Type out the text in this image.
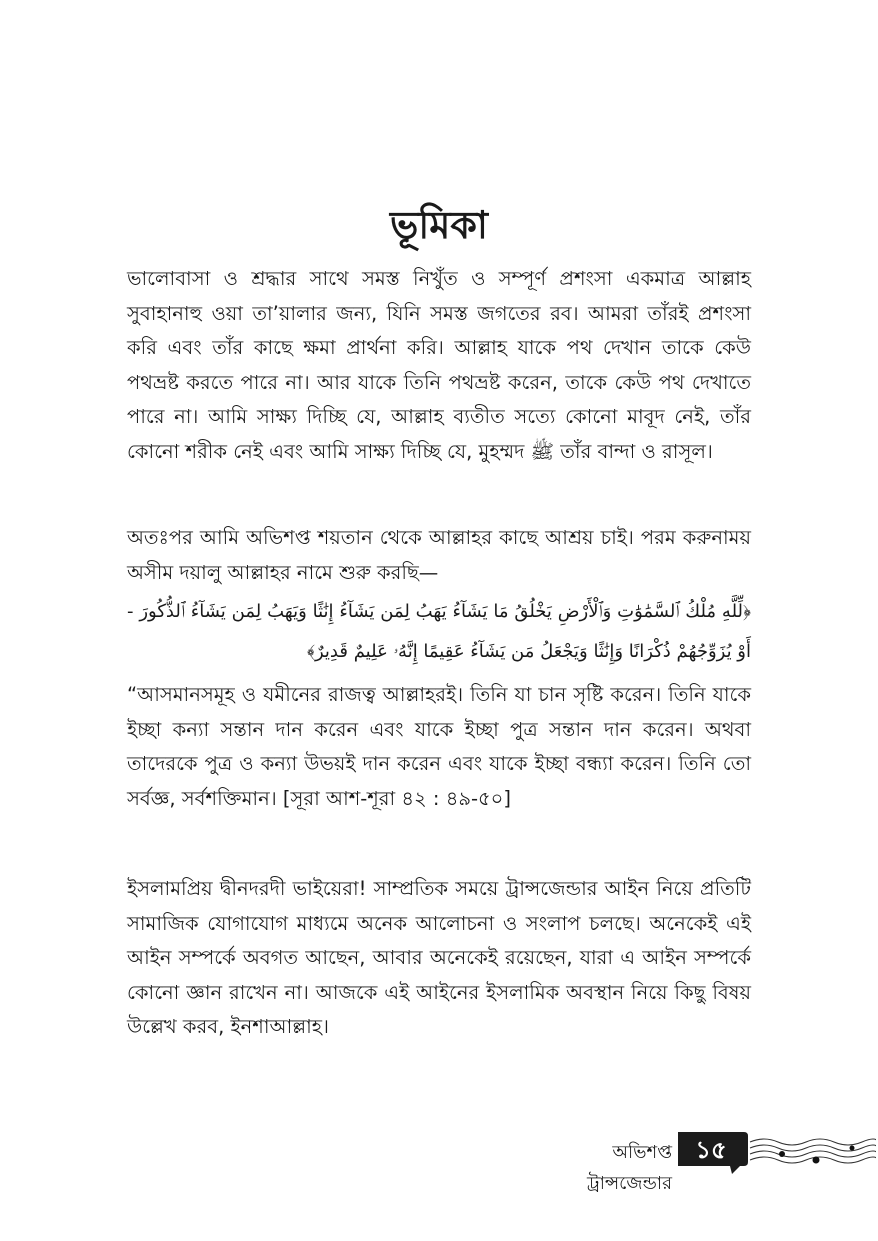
ভূমিকা

ভালোবাসা ও শ্রদ্ধার সাথে সমস্ত নিখুঁত ও সম্পূর্ণ প্রশংসা একমাত্র আল্লাহ সুবাহানাহু ওয়া তা’য়ালার জন্য, যিনি সমস্ত জগতের রব। আমরা তাঁরই প্রশংসা করি এবং তাঁর কাছে ক্ষমা প্রার্থনা করি। আল্লাহ যাকে পথ দেখান তাকে কেউ পথভ্রষ্ট করতে পারে না। আর যাকে তিনি পথভ্রষ্ট করেন, তাকে কেউ পথ দেখাতে পারে না। আমি সাক্ষ্য দিচ্ছি যে, আল্লাহ ব্যতীত সত্যে কোনো মাবূদ নেই, তাঁর কোনো শরীক নেই এবং আমি সাক্ষ্য দিচ্ছি যে, মুহম্মদ ﷺ তাঁর বান্দা ও রাসূল।

অতঃপর আমি অভিশপ্ত শয়তান থেকে আল্লাহর কাছে আশ্রয় চাই। পরম করুনাময় অসীম দয়ালু আল্লাহর নামে শুরু করছি—

﴿لِّلَّهِ مُلْكُ ٱلسَّمَٰوَٰتِ وَٱلْأَرْضِ يَخْلُقُ مَا يَشَآءُ يَهَبُ لِمَن يَشَآءُ إِنَٰثًا وَيَهَبُ لِمَن يَشَآءُ ٱلذُّكُورَ ‑ أَوْ يُزَوِّجُهُمْ ذُكْرَانًا وَإِنَٰثًا وَيَجْعَلُ مَن يَشَآءُ عَقِيمًا إِنَّهُۥ عَلِيمٌ قَدِيرٌ﴾

“আসমানসমূহ ও যমীনের রাজত্ব আল্লাহরই। তিনি যা চান সৃষ্টি করেন। তিনি যাকে ইচ্ছা কন্যা সন্তান দান করেন এবং যাকে ইচ্ছা পুত্র সন্তান দান করেন। অথবা তাদেরকে পুত্র ও কন্যা উভয়ই দান করেন এবং যাকে ইচ্ছা বন্ধ্যা করেন। তিনি তো সর্বজ্ঞ, সর্বশক্তিমান। [সূরা আশ-শূরা ৪২ : ৪৯-৫০]

ইসলামপ্রিয় দ্বীনদরদী ভাইয়েরা! সাম্প্রতিক সময়ে ট্রান্সজেন্ডার আইন নিয়ে প্রতিটি সামাজিক যোগাযোগ মাধ্যমে অনেক আলোচনা ও সংলাপ চলছে। অনেকেই এই আইন সম্পর্কে অবগত আছেন, আবার অনেকেই রয়েছেন, যারা এ আইন সম্পর্কে কোনো জ্ঞান রাখেন না। আজকে এই আইনের ইসলামিক অবস্থান নিয়ে কিছু বিষয় উল্লেখ করব, ইনশাআল্লাহ।

অভিশপ্ত ট্রান্সজেন্ডার

১৫
